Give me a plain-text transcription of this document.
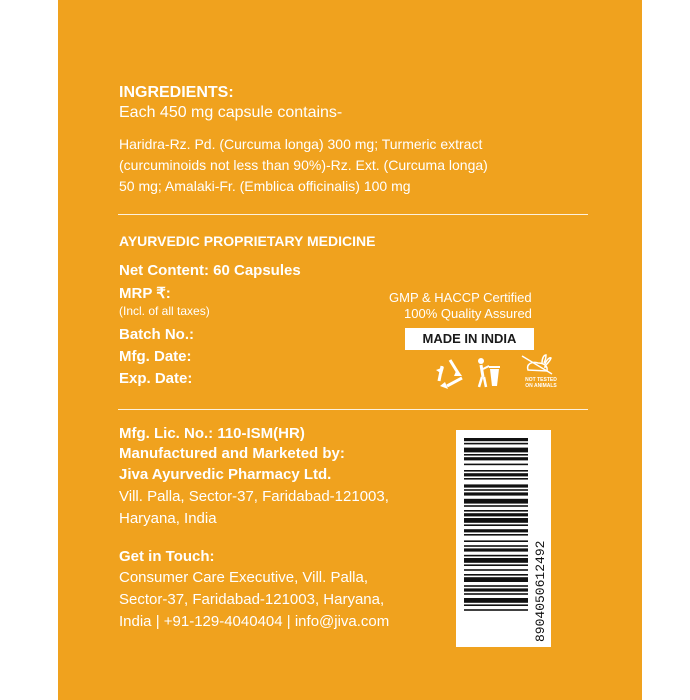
INGREDIENTS:
Each 450 mg capsule contains-
Haridra-Rz. Pd. (Curcuma longa) 300 mg; Turmeric extract
(curcuminoids not less than 90%)-Rz. Ext. (Curcuma longa)
50 mg; Amalaki-Fr. (Emblica officinalis) 100 mg
AYURVEDIC PROPRIETARY MEDICINE
Net Content: 60 Capsules
MRP ₹:
(Incl. of all taxes)
Batch No.:
Mfg. Date:
Exp. Date:
GMP & HACCP Certified
100% Quality Assured
MADE IN INDIA
NOT TESTED
ON ANIMALS
Mfg. Lic. No.: 110-ISM(HR)
Manufactured and Marketed by:
Jiva Ayurvedic Pharmacy Ltd.
Vill. Palla, Sector-37, Faridabad-121003,
Haryana, India
Get in Touch:
Consumer Care Executive, Vill. Palla,
Sector-37, Faridabad-121003, Haryana,
India | +91-129-4040404 | info@jiva.com	8904050612492
